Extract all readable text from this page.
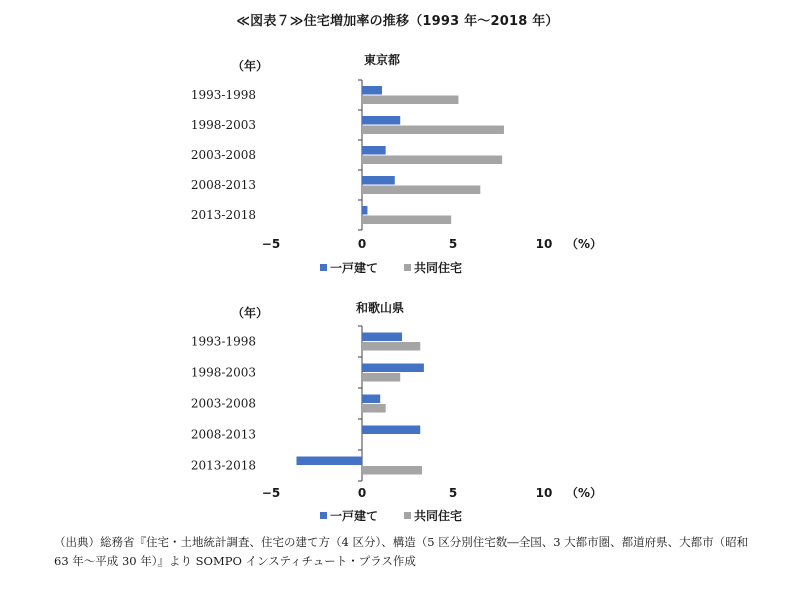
≪図表７≫住宅増加率の推移（1993 年〜2018 年）
（年）	東京都
1993-1998
1998-2003
2003-2008
2008-2013
2013-2018
−5	0	5	10 （%）
一戸建て	共同住宅
（年）	和歌山県
1993-1998
1998-2003
2003-2008
2008-2013
2013-2018
−5	0	5	10 （%）
一戸建て	共同住宅
（出典）総務省『住宅・土地統計調査、住宅の建て方（4 区分）、構造（5 区分別住宅数―全国、3 大都市圏、都道府県、大都市（昭和 63 年〜平成 30 年）』より SOMPO インスティチュート・プラス作成
